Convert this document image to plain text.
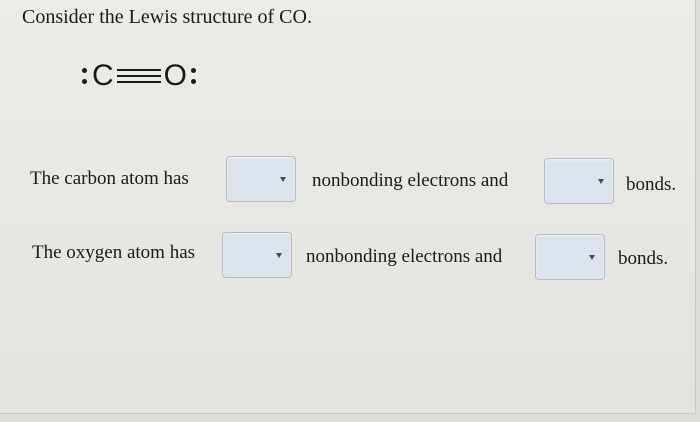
Consider the Lewis structure of CO.
C O
The carbon atom has	nonbonding electrons and	bonds.
The oxygen atom has	nonbonding electrons and	bonds.
